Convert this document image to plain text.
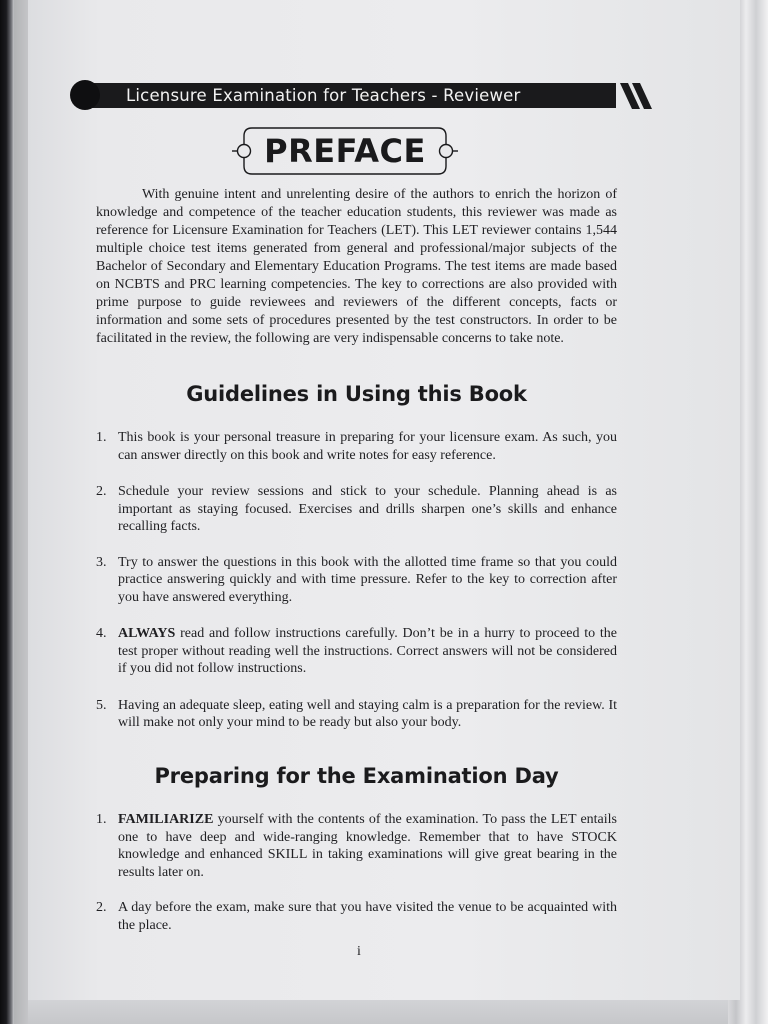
Licensure Examination for Teachers - Reviewer
PREFACE

With genuine intent and unrelenting desire of the authors to enrich the horizon of knowledge and competence of the teacher education students, this reviewer was made as reference for Licensure Examination for Teachers (LET). This LET reviewer contains 1,544 multiple choice test items generated from general and professional/major subjects of the Bachelor of Secondary and Elementary Education Programs. The test items are made based on NCBTS and PRC learning competencies. The key to corrections are also provided with prime purpose to guide reviewees and reviewers of the different concepts, facts or information and some sets of procedures presented by the test constructors. In order to be facilitated in the review, the following are very indispensable concerns to take note.

Guidelines in Using this Book
1. This book is your personal treasure in preparing for your licensure exam. As such, you can answer directly on this book and write notes for easy reference.
2. Schedule your review sessions and stick to your schedule. Planning ahead is as important as staying focused. Exercises and drills sharpen one’s skills and enhance recalling facts.
3. Try to answer the questions in this book with the allotted time frame so that you could practice answering quickly and with time pressure. Refer to the key to correction after you have answered everything.
4. ALWAYS read and follow instructions carefully. Don’t be in a hurry to proceed to the test proper without reading well the instructions. Correct answers will not be considered if you did not follow instructions.
5. Having an adequate sleep, eating well and staying calm is a preparation for the review. It will make not only your mind to be ready but also your body.
Preparing for the Examination Day
1. FAMILIARIZE yourself with the contents of the examination. To pass the LET entails one to have deep and wide-ranging knowledge. Remember that to have STOCK knowledge and enhanced SKILL in taking examinations will give great bearing in the results later on.
2. A day before the exam, make sure that you have visited the venue to be acquainted with the place.
i
